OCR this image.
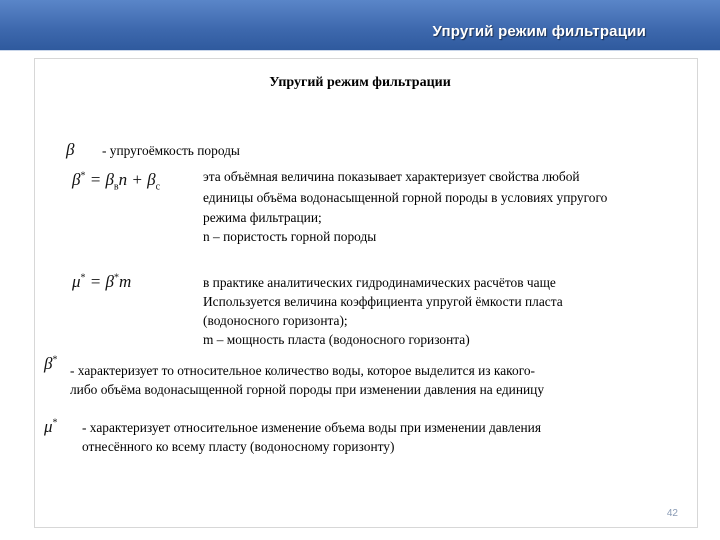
Упругий режим фильтрации
Упругий режим фильтрации
β - упругоёмкость породы
$\beta^* = \beta_вn + \beta_с$
эта объёмная величина показывает характеризует свойства любой
единицы объёма водонасыщенной горной породы в условиях упругого
режима фильтрации;
n – пористость горной породы
μ* = β*m	в практике аналитических гидродинамических расчётов чаще
Используется величина коэффициента упругой ёмкости пласта
(водоносного горизонта);
m – мощность пласта (водоносного горизонта)
β*
- характеризует то относительное количество воды, которое выделится из какого-
либо объёма водонасыщенной горной породы при изменении давления на единицу
μ* - характеризует относительное изменение объема воды при изменении давления
отнесённого ко всему пласту (водоносному горизонту)
42
